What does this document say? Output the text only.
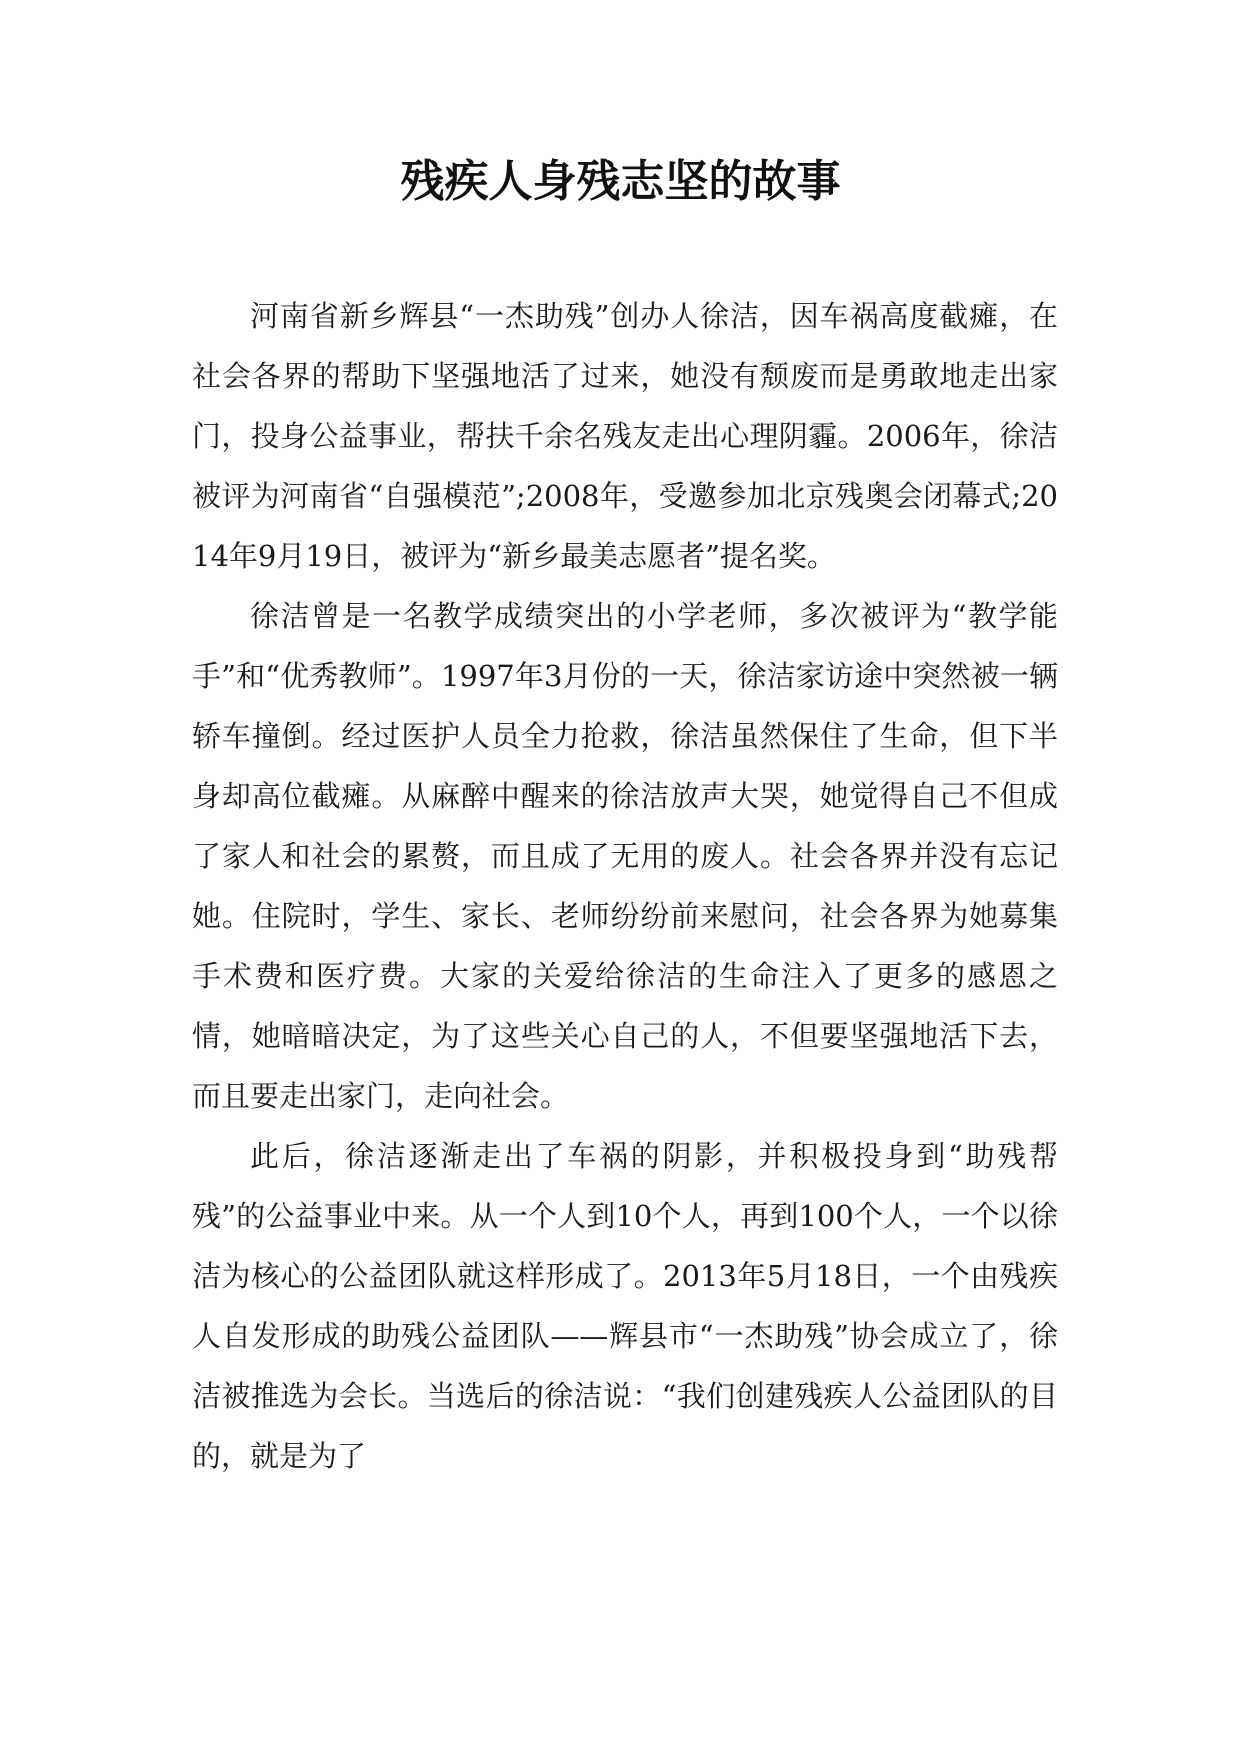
残疾人身残志坚的故事

河南省新乡辉县“一杰助残”创办人徐洁，因车祸高度截瘫，在社会各界的帮助下坚强地活了过来，她没有颓废而是勇敢地走出家门，投身公益事业，帮扶千余名残友走出心理阴霾。2006年，徐洁被评为河南省“自强模范”;2008年，受邀参加北京残奥会闭幕式;2014年9月19日，被评为“新乡最美志愿者”提名奖。

徐洁曾是一名教学成绩突出的小学老师，多次被评为“教学能手”和“优秀教师”。1997年3月份的一天，徐洁家访途中突然被一辆轿车撞倒。经过医护人员全力抢救，徐洁虽然保住了生命，但下半身却高位截瘫。从麻醉中醒来的徐洁放声大哭，她觉得自己不但成了家人和社会的累赘，而且成了无用的废人。社会各界并没有忘记她。住院时，学生、家长、老师纷纷前来慰问，社会各界为她募集手术费和医疗费。大家的关爱给徐洁的生命注入了更多的感恩之情，她暗暗决定，为了这些关心自己的人，不但要坚强地活下去，而且要走出家门，走向社会。

此后，徐洁逐渐走出了车祸的阴影，并积极投身到“助残帮残”的公益事业中来。从一个人到10个人，再到100个人，一个以徐洁为核心的公益团队就这样形成了。2013年5月18日，一个由残疾人自发形成的助残公益团队——辉县市“一杰助残”协会成立了，徐洁被推选为会长。当选后的徐洁说：“我们创建残疾人公益团队的目的，就是为了
